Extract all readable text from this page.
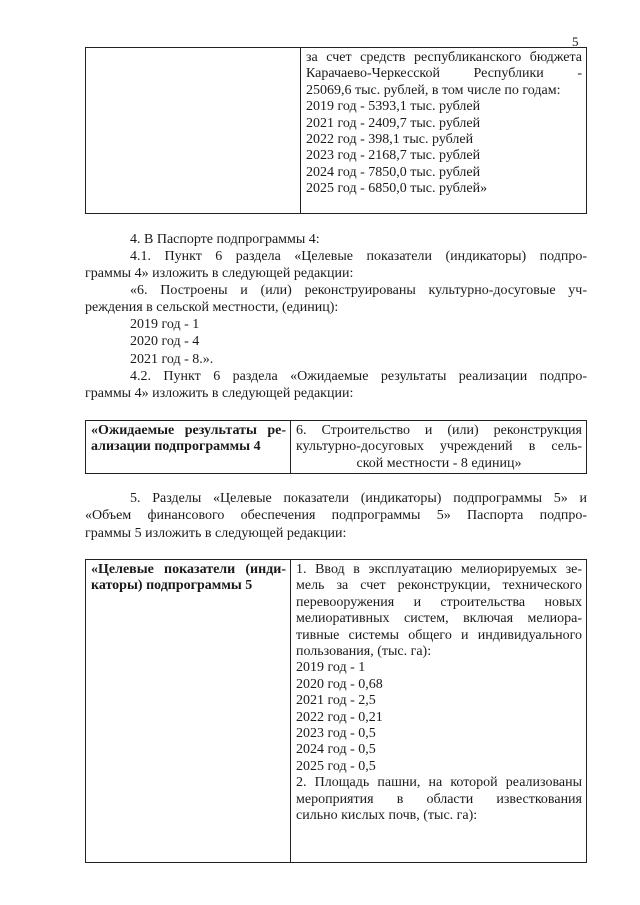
5

за счет средств республиканского бюджета
Карачаево-Черкесской Республики -
25069,6 тыс. рублей, в том числе по годам:
2019 год - 5393,1 тыс. рублей
2021 год - 2409,7 тыс. рублей
2022 год - 398,1 тыс. рублей
2023 год - 2168,7 тыс. рублей
2024 год - 7850,0 тыс. рублей
2025 год - 6850,0 тыс. рублей»
4. В Паспорте подпрограммы 4:
4.1. Пункт 6 раздела «Целевые показатели (индикаторы) подпро-
граммы 4» изложить в следующей редакции:
«6. Построены и (или) реконструированы культурно-досуговые уч-
реждения в сельской местности, (единиц):
2019 год - 1
2020 год - 4
2021 год - 8.».
4.2. Пункт 6 раздела «Ожидаемые результаты реализации подпро-
граммы 4» изложить в следующей редакции:
«Ожидаемые результаты ре-
ализации подпрограммы 4

6. Строительство и (или) реконструкция
культурно-досуговых учреждений в сель-
ской местности - 8 единиц»
5. Разделы «Целевые показатели (индикаторы) подпрограммы 5» и
«Объем финансового обеспечения подпрограммы 5» Паспорта подпро-
граммы 5 изложить в следующей редакции:
«Целевые показатели (инди-
каторы) подпрограммы 5

1. Ввод в эксплуатацию мелиорируемых зе-
мель за счет реконструкции, технического
перевооружения и строительства новых
мелиоративных систем, включая мелиора-
тивные системы общего и индивидуального
пользования, (тыс. га):
2019 год - 1
2020 год - 0,68
2021 год - 2,5
2022 год - 0,21
2023 год - 0,5
2024 год - 0,5
2025 год - 0,5
2. Площадь пашни, на которой реализованы
мероприятия в области известкования
сильно кислых почв, (тыс. га):
